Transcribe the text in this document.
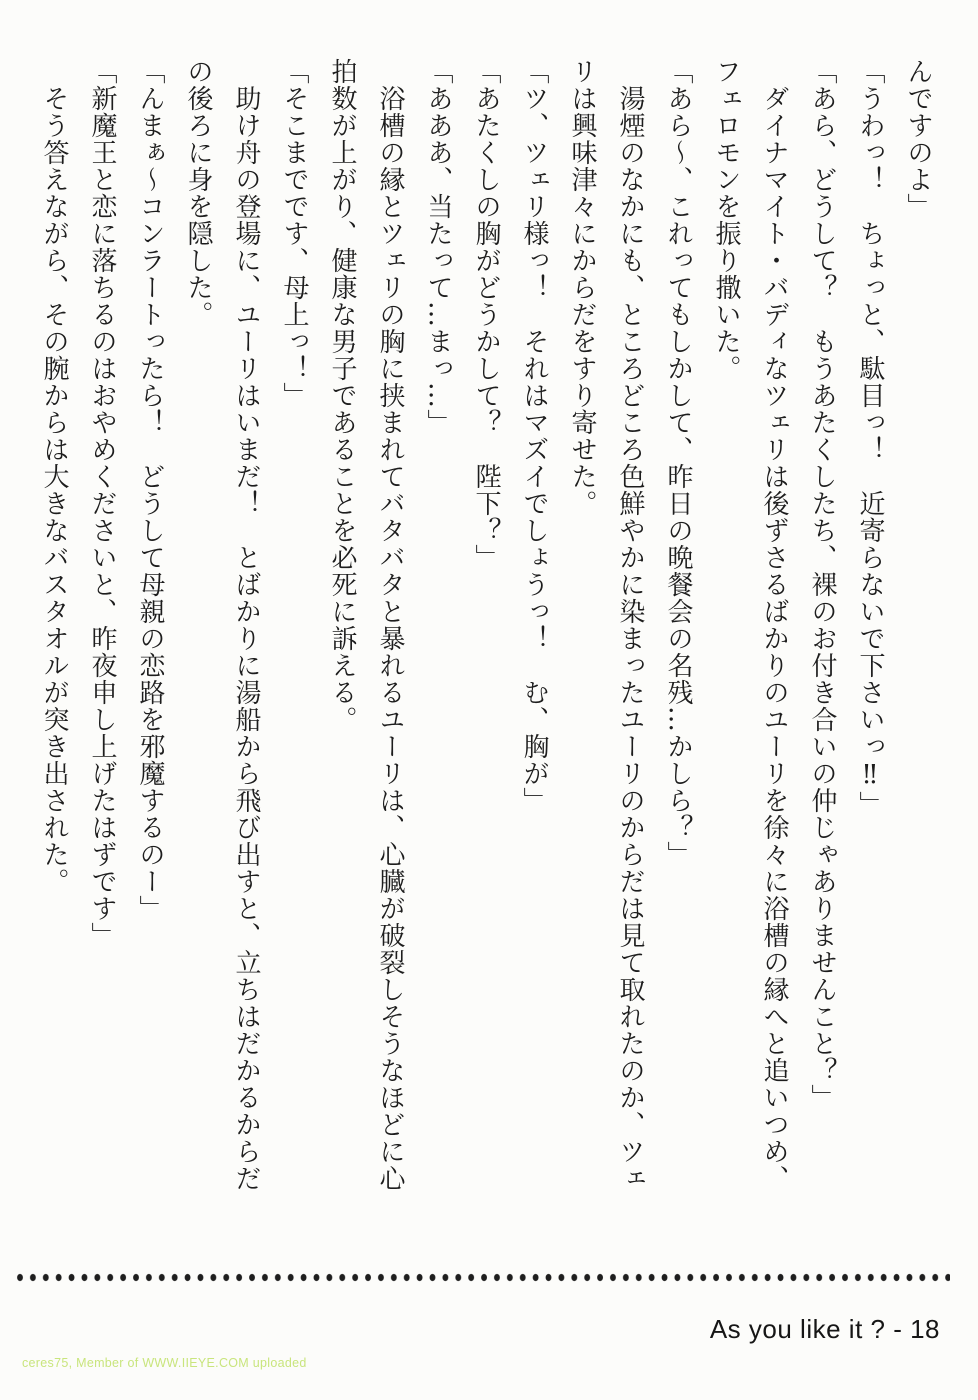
んですのよ」
「うわっ！　ちょっと、駄目っ！　近寄らないで下さいっ‼」
「あら、どうして？　もうあたくしたち、裸のお付き合いの仲じゃありませんこと？」
ダイナマイト・バディなツェリは後ずさるばかりのユーリを徐々に浴槽の縁へと追いつめ、
フェロモンを振り撒いた。
「あら～、これってもしかして、昨日の晩餐会の名残…かしら？」
湯煙のなかにも、ところどころ色鮮やかに染まったユーリのからだは見て取れたのか、ツェ
リは興味津々にからだをすり寄せた。
「ツ、ツェリ様っ！　それはマズイでしょうっ！　む、胸が」
「あたくしの胸がどうかして？　陛下？」
「あああ、当たって…まっ…」
浴槽の縁とツェリの胸に挟まれてバタバタと暴れるユーリは、心臓が破裂しそうなほどに心
拍数が上がり、健康な男子であることを必死に訴える。
「そこまでです、母上っ！」
助け舟の登場に、ユーリはいまだ！　とばかりに湯船から飛び出すと、立ちはだかるからだ
の後ろに身を隠した。
「んまぁ～コンラートったら！　どうして母親の恋路を邪魔するのー」
「新魔王と恋に落ちるのはおやめくださいと、昨夜申し上げたはずです」
そう答えながら、その腕からは大きなバスタオルが突き出された。
As you like it ? - 18
ceres75, Member of WWW.IIEYE.COM uploaded
